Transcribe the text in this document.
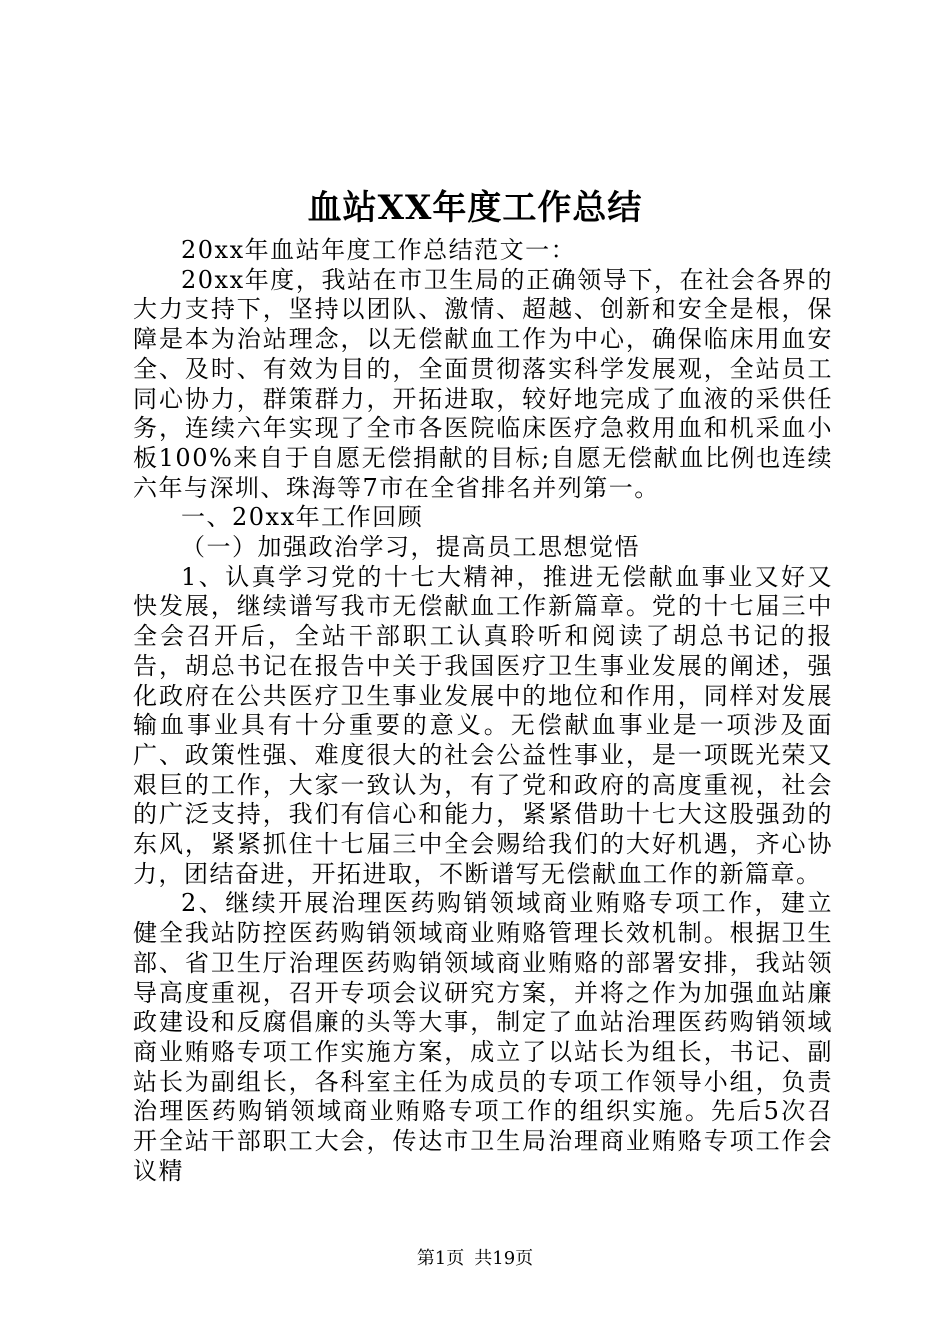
血站XX年度工作总结

20xx年血站年度工作总结范文一：

20xx年度，我站在市卫生局的正确领导下，在社会各界的大力支持下，坚持以团队、激情、超越、创新和安全是根，保障是本为治站理念，以无偿献血工作为中心，确保临床用血安全、及时、有效为目的，全面贯彻落实科学发展观，全站员工同心协力，群策群力，开拓进取，较好地完成了血液的采供任务，连续六年实现了全市各医院临床医疗急救用血和机采血小板100%来自于自愿无偿捐献的目标;自愿无偿献血比例也连续六年与深圳、珠海等7市在全省排名并列第一。

一、20xx年工作回顾

（一）加强政治学习，提高员工思想觉悟

1、认真学习党的十七大精神，推进无偿献血事业又好又快发展，继续谱写我市无偿献血工作新篇章。党的十七届三中全会召开后，全站干部职工认真聆听和阅读了胡总书记的报告，胡总书记在报告中关于我国医疗卫生事业发展的阐述，强化政府在公共医疗卫生事业发展中的地位和作用，同样对发展输血事业具有十分重要的意义。无偿献血事业是一项涉及面广、政策性强、难度很大的社会公益性事业，是一项既光荣又艰巨的工作，大家一致认为，有了党和政府的高度重视，社会的广泛支持，我们有信心和能力，紧紧借助十七大这股强劲的东风，紧紧抓住十七届三中全会赐给我们的大好机遇，齐心协力，团结奋进，开拓进取，不断谱写无偿献血工作的新篇章。

2、继续开展治理医药购销领域商业贿赂专项工作，建立健全我站防控医药购销领域商业贿赂管理长效机制。根据卫生部、省卫生厅治理医药购销领域商业贿赂的部署安排，我站领导高度重视，召开专项会议研究方案，并将之作为加强血站廉政建设和反腐倡廉的头等大事，制定了血站治理医药购销领域商业贿赂专项工作实施方案，成立了以站长为组长，书记、副站长为副组长，各科室主任为成员的专项工作领导小组，负责治理医药购销领域商业贿赂专项工作的组织实施。先后5次召开全站干部职工大会，传达市卫生局治理商业贿赂专项工作会议精

第1页 共19页
